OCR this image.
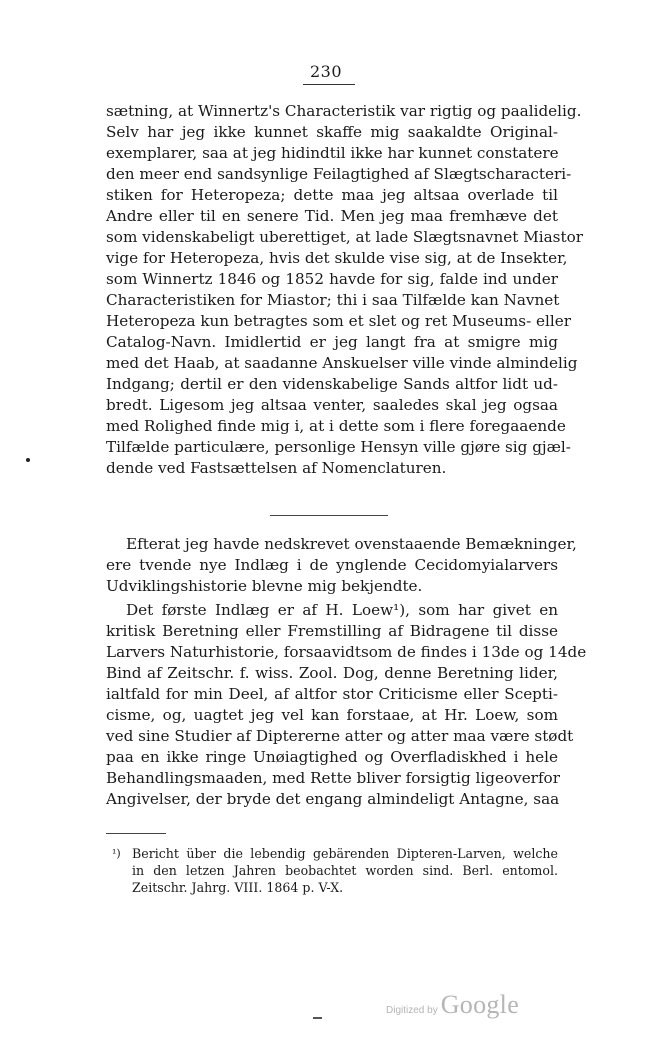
230
sætning, at Winnertz's Characteristik var rigtig og paalidelig.
Selv har jeg ikke kunnet skaffe mig saakaldte Original-
exemplarer, saa at jeg hidindtil ikke har kunnet constatere
den meer end sandsynlige Feilagtighed af Slægtscharacteri-
stiken for Heteropeza; dette maa jeg altsaa overlade til
Andre eller til en senere Tid. Men jeg maa fremhæve det
som videnskabeligt uberettiget, at lade Slægtsnavnet Miastor
vige for Heteropeza, hvis det skulde vise sig, at de Insekter,
som Winnertz 1846 og 1852 havde for sig, falde ind under
Characteristiken for Miastor; thi i saa Tilfælde kan Navnet
Heteropeza kun betragtes som et slet og ret Museums- eller
Catalog-Navn. Imidlertid er jeg langt fra at smigre mig
med det Haab, at saadanne Anskuelser ville vinde almindelig
Indgang; dertil er den videnskabelige Sands altfor lidt ud-
bredt. Ligesom jeg altsaa venter, saaledes skal jeg ogsaa
med Rolighed finde mig i, at i dette som i flere foregaaende
Tilfælde particulære, personlige Hensyn ville gjøre sig gjæl-
dende ved Fastsættelsen af Nomenclaturen.
Efterat jeg havde nedskrevet ovenstaaende Bemækninger,
ere tvende nye Indlæg i de ynglende Cecidomyialarvers
Udviklingshistorie blevne mig bekjendte.
Det første Indlæg er af H. Loew¹), som har givet en
kritisk Beretning eller Fremstilling af Bidragene til disse
Larvers Naturhistorie, forsaavidtsom de findes i 13de og 14de
Bind af Zeitschr. f. wiss. Zool. Dog, denne Beretning lider,
ialtfald for min Deel, af altfor stor Criticisme eller Scepti-
cisme, og, uagtet jeg vel kan forstaae, at Hr. Loew, som
ved sine Studier af Diptererne atter og atter maa være stødt
paa en ikke ringe Unøiagtighed og Overfladiskhed i hele
Behandlingsmaaden, med Rette bliver forsigtig ligeoverfor
Angivelser, der bryde det engang almindeligt Antagne, saa
¹) Bericht über die lebendig gebärenden Dipteren-Larven, welche
in den letzen Jahren beobachtet worden sind. Berl. entomol.
Zeitschr. Jahrg. VIII. 1864 p. V-X.
Digitized by Google
